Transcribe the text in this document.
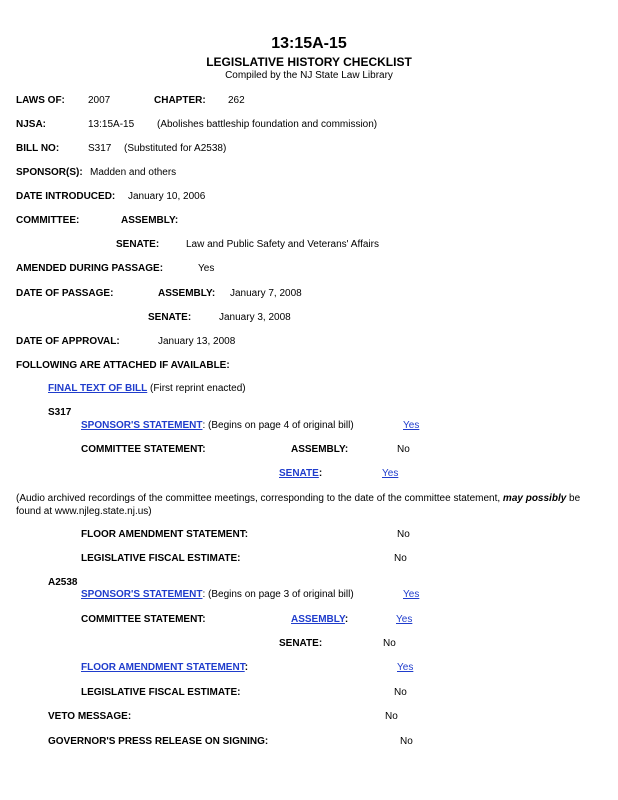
13:15A-15
LEGISLATIVE HISTORY CHECKLIST
Compiled by the NJ State Law Library
LAWS OF: 2007	CHAPTER: 262
NJSA:	13:15A-15 (Abolishes battleship foundation and commission)
BILL NO:	S317 (Substituted for A2538)
SPONSOR(S): Madden and others
DATE INTRODUCED: January 10, 2006
COMMITTEE:	ASSEMBLY:
SENATE:	Law and Public Safety and Veterans' Affairs
AMENDED DURING PASSAGE:	Yes
DATE OF PASSAGE:	ASSEMBLY: January 7, 2008
SENATE:	January 3, 2008
DATE OF APPROVAL:	January 13, 2008
FOLLOWING ARE ATTACHED IF AVAILABLE:
FINAL TEXT OF BILL (First reprint enacted)
S317
SPONSOR'S STATEMENT: (Begins on page 4 of original bill)	Yes
COMMITTEE STATEMENT:	ASSEMBLY:	No
SENATE:	Yes
(Audio archived recordings of the committee meetings, corresponding to the date of the committee statement, may possibly be found at www.njleg.state.nj.us)
FLOOR AMENDMENT STATEMENT:	No
LEGISLATIVE FISCAL ESTIMATE:	No
A2538
SPONSOR'S STATEMENT: (Begins on page 3 of original bill)	Yes
COMMITTEE STATEMENT:	ASSEMBLY:	Yes
SENATE:	No
FLOOR AMENDMENT STATEMENT:	Yes
LEGISLATIVE FISCAL ESTIMATE:	No
VETO MESSAGE:	No
GOVERNOR'S PRESS RELEASE ON SIGNING:	No
